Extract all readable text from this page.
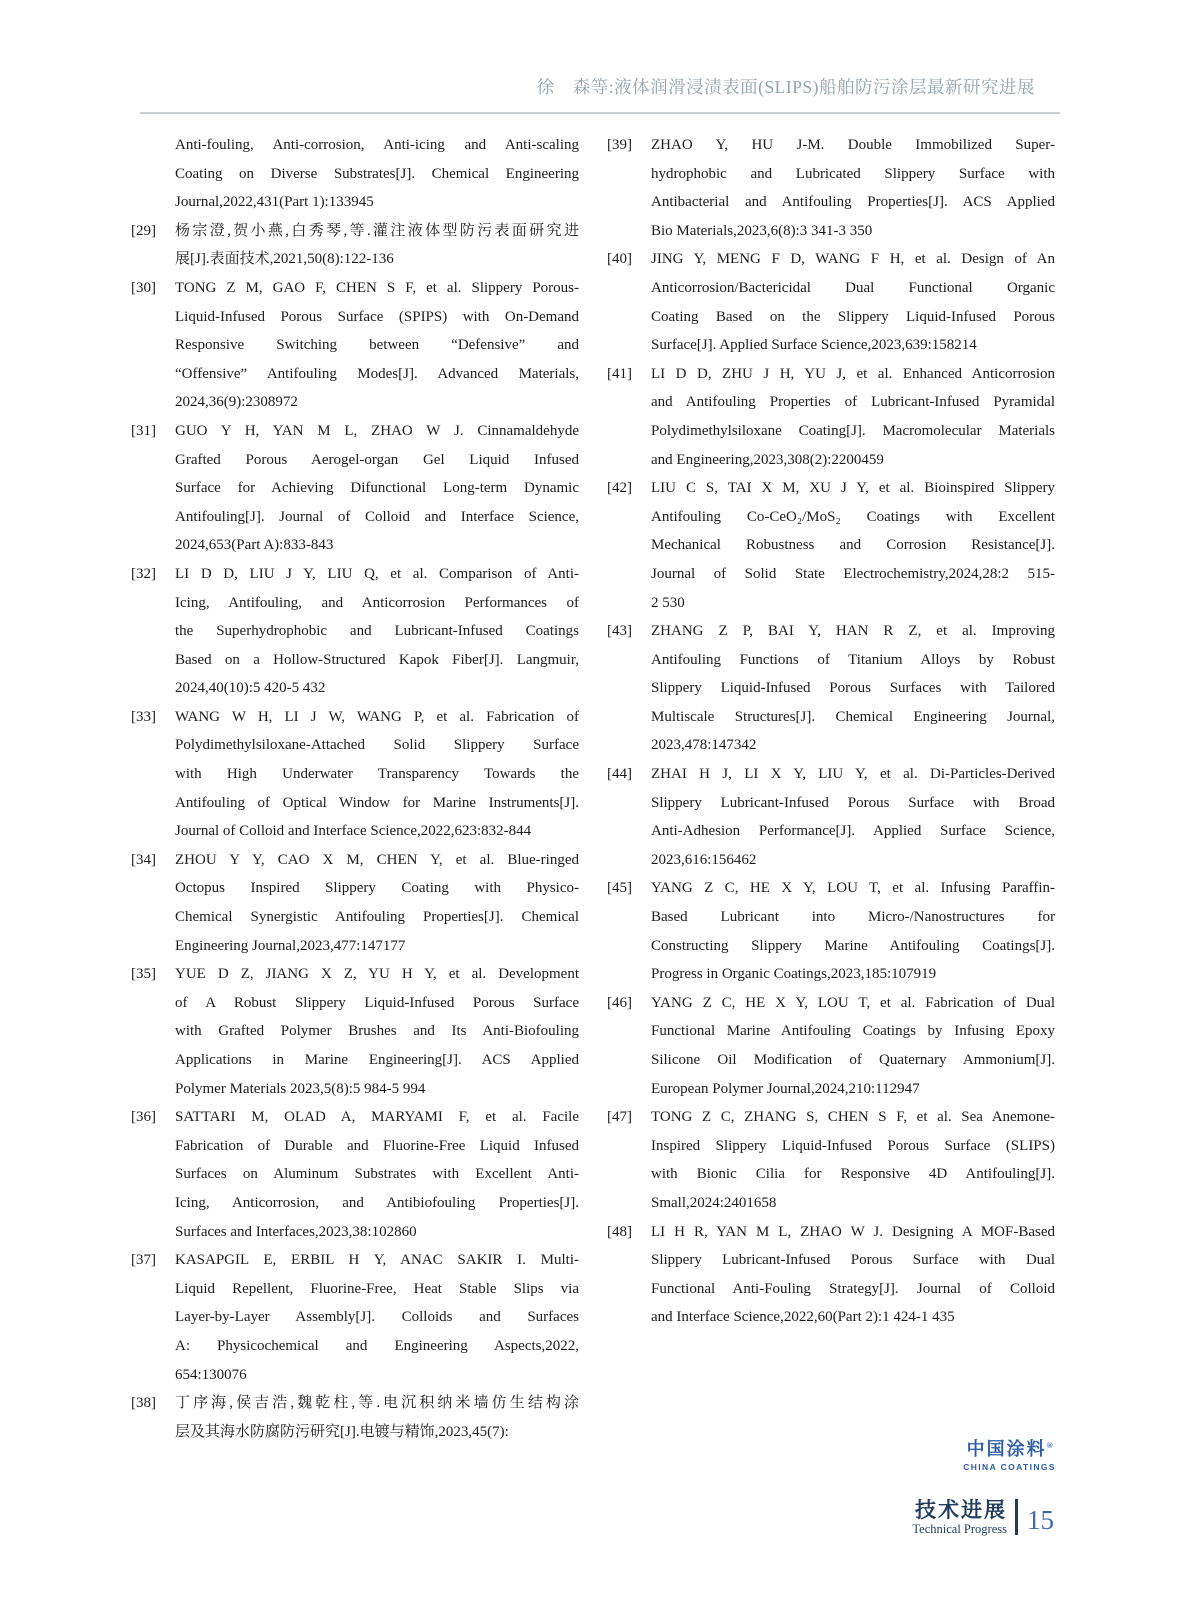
徐　森等:液体润滑浸渍表面(SLIPS)船舶防污涂层最新研究进展
Anti-fouling, Anti-corrosion, Anti-icing and Anti-scaling
Coating on Diverse Substrates[J]. Chemical Engineering
Journal,2022,431(Part 1):133945
[29] 杨宗澄,贺小燕,白秀琴,等.灌注液体型防污表面研究进
展[J].表面技术,2021,50(8):122-136
[30] TONG Z M, GAO F, CHEN S F, et al. Slippery Porous-
Liquid-Infused Porous Surface (SPIPS) with On-Demand
Responsive Switching between “Defensive” and
“Offensive” Antifouling Modes[J]. Advanced Materials,
2024,36(9):2308972
[31] GUO Y H, YAN M L, ZHAO W J. Cinnamaldehyde
Grafted Porous Aerogel-organ Gel Liquid Infused
Surface for Achieving Difunctional Long-term Dynamic
Antifouling[J]. Journal of Colloid and Interface Science,
2024,653(Part A):833-843
[32] LI D D, LIU J Y, LIU Q, et al. Comparison of Anti-
Icing, Antifouling, and Anticorrosion Performances of
the Superhydrophobic and Lubricant-Infused Coatings
Based on a Hollow-Structured Kapok Fiber[J]. Langmuir,
2024,40(10):5 420-5 432
[33] WANG W H, LI J W, WANG P, et al. Fabrication of
Polydimethylsiloxane-Attached Solid Slippery Surface
with High Underwater Transparency Towards the
Antifouling of Optical Window for Marine Instruments[J].
Journal of Colloid and Interface Science,2022,623:832-844
[34] ZHOU Y Y, CAO X M, CHEN Y, et al. Blue-ringed
Octopus Inspired Slippery Coating with Physico-
Chemical Synergistic Antifouling Properties[J]. Chemical
Engineering Journal,2023,477:147177
[35] YUE D Z, JIANG X Z, YU H Y, et al. Development
of A Robust Slippery Liquid-Infused Porous Surface
with Grafted Polymer Brushes and Its Anti-Biofouling
Applications in Marine Engineering[J]. ACS Applied
Polymer Materials 2023,5(8):5 984-5 994
[36] SATTARI M, OLAD A, MARYAMI F, et al. Facile
Fabrication of Durable and Fluorine-Free Liquid Infused
Surfaces on Aluminum Substrates with Excellent Anti-
Icing, Anticorrosion, and Antibiofouling Properties[J].
Surfaces and Interfaces,2023,38:102860
[37] KASAPGIL E, ERBIL H Y, ANAC SAKIR I. Multi-
Liquid Repellent, Fluorine-Free, Heat Stable Slips via
Layer-by-Layer Assembly[J]. Colloids and Surfaces
A: Physicochemical and Engineering Aspects,2022,
654:130076
[38] 丁序海,侯吉浩,魏乾柱,等.电沉积纳米墙仿生结构涂
层及其海水防腐防污研究[J].电镀与精饰,2023,45(7):
[39] ZHAO Y, HU J-M. Double Immobilized Super-
hydrophobic and Lubricated Slippery Surface with
Antibacterial and Antifouling Properties[J]. ACS Applied
Bio Materials,2023,6(8):3 341-3 350
[40] JING Y, MENG F D, WANG F H, et al. Design of An
Anticorrosion/Bactericidal Dual Functional Organic
Coating Based on the Slippery Liquid-Infused Porous
Surface[J]. Applied Surface Science,2023,639:158214
[41] LI D D, ZHU J H, YU J, et al. Enhanced Anticorrosion
and Antifouling Properties of Lubricant-Infused Pyramidal
Polydimethylsiloxane Coating[J]. Macromolecular Materials
and Engineering,2023,308(2):2200459
[42] LIU C S, TAI X M, XU J Y, et al. Bioinspired Slippery
Antifouling Co-CeO₂/MoS₂ Coatings with Excellent
Mechanical Robustness and Corrosion Resistance[J].
Journal of Solid State Electrochemistry,2024,28:2 515-
2 530
[43] ZHANG Z P, BAI Y, HAN R Z, et al. Improving
Antifouling Functions of Titanium Alloys by Robust
Slippery Liquid-Infused Porous Surfaces with Tailored
Multiscale Structures[J]. Chemical Engineering Journal,
2023,478:147342
[44] ZHAI H J, LI X Y, LIU Y, et al. Di-Particles-Derived
Slippery Lubricant-Infused Porous Surface with Broad
Anti-Adhesion Performance[J]. Applied Surface Science,
2023,616:156462
[45] YANG Z C, HE X Y, LOU T, et al. Infusing Paraffin-
Based Lubricant into Micro-/Nanostructures for
Constructing Slippery Marine Antifouling Coatings[J].
Progress in Organic Coatings,2023,185:107919
[46] YANG Z C, HE X Y, LOU T, et al. Fabrication of Dual
Functional Marine Antifouling Coatings by Infusing Epoxy
Silicone Oil Modification of Quaternary Ammonium[J].
European Polymer Journal,2024,210:112947
[47] TONG Z C, ZHANG S, CHEN S F, et al. Sea Anemone-
Inspired Slippery Liquid-Infused Porous Surface (SLIPS)
with Bionic Cilia for Responsive 4D Antifouling[J].
Small,2024:2401658
[48] LI H R, YAN M L, ZHAO W J. Designing A MOF-Based
Slippery Lubricant-Infused Porous Surface with Dual
Functional Anti-Fouling Strategy[J]. Journal of Colloid
and Interface Science,2022,60(Part 2):1 424-1 435
中国涂料®
CHINA COATINGS
技术进展
Technical Progress 15
